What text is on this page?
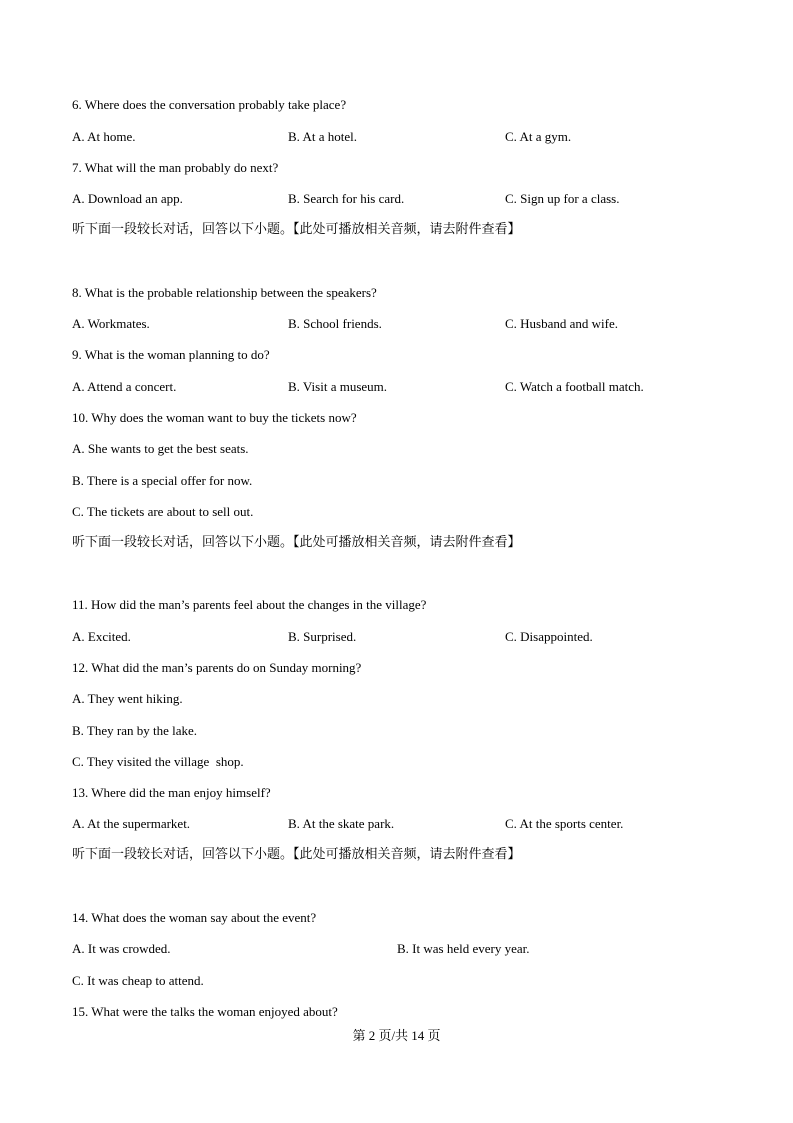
6. Where does the conversation probably take place?
A. At home.	B. At a hotel.	C. At a gym.
7. What will the man probably do next?
A. Download an app.	B. Search for his card.	C. Sign up for a class.
听下面一段较长对话，回答以下小题。【此处可播放相关音频，请去附件查看】
8. What is the probable relationship between the speakers?
A. Workmates.	B. School friends.	C. Husband and wife.
9. What is the woman planning to do?
A. Attend a concert.	B. Visit a museum.	C. Watch a football match.
10. Why does the woman want to buy the tickets now?
A. She wants to get the best seats.
B. There is a special offer for now.
C. The tickets are about to sell out.
听下面一段较长对话，回答以下小题。【此处可播放相关音频，请去附件查看】
11. How did the man’s parents feel about the changes in the village?
A. Excited.	B. Surprised.	C. Disappointed.
12. What did the man’s parents do on Sunday morning?
A. They went hiking.
B. They ran by the lake.
C. They visited the village  shop.
13. Where did the man enjoy himself?
A. At the supermarket.	B. At the skate park.	C. At the sports center.
听下面一段较长对话，回答以下小题。【此处可播放相关音频，请去附件查看】
14. What does the woman say about the event?
A. It was crowded.	B. It was held every year.
C. It was cheap to attend.
15. What were the talks the woman enjoyed about?
第 2 页/共 14 页
